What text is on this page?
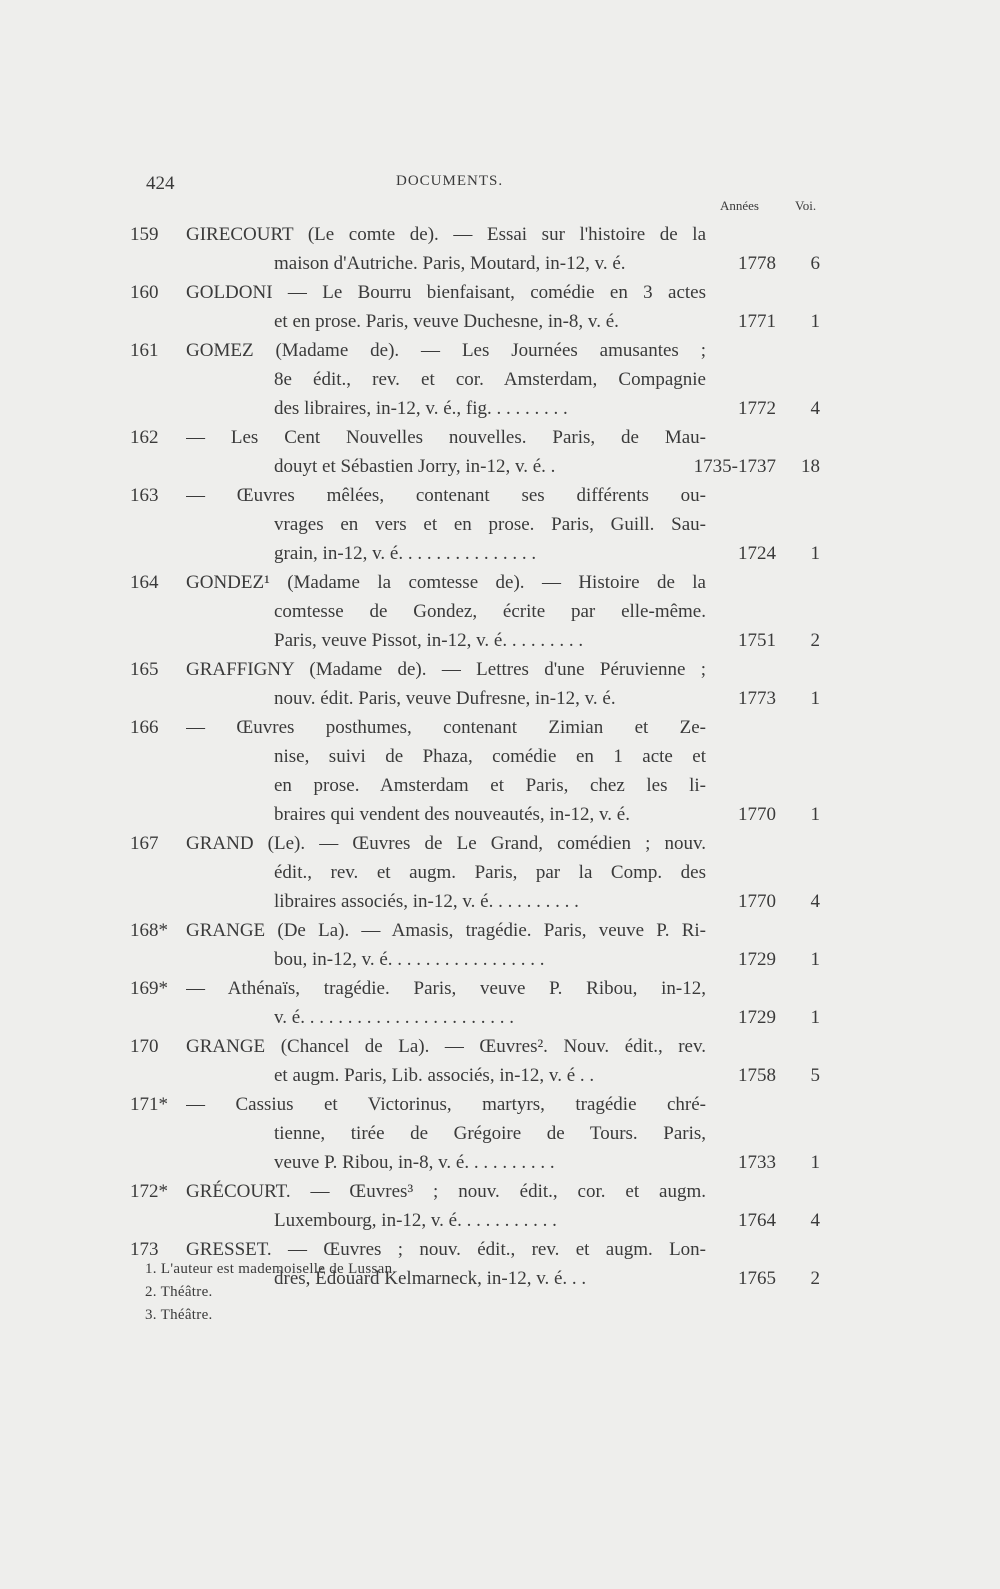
424	DOCUMENTS.
Années	Voi.
159	GIRECOURT (Le comte de). — Essai sur l'histoire de la
maison d'Autriche. Paris, Moutard, in-12, v. é.	1778	6
160	GOLDONI — Le Bourru bienfaisant, comédie en 3 actes
et en prose. Paris, veuve Duchesne, in-8, v. é.	1771	1
161	GOMEZ (Madame de). — Les Journées amusantes ;
8e édit., rev. et cor. Amsterdam, Compagnie
des libraires, in-12, v. é., fig. . . . . . . . .	1772	4
162	— Les Cent Nouvelles nouvelles. Paris, de Mau-
douyt et Sébastien Jorry, in-12, v. é. .	1735-1737	18
163	— Œuvres mêlées, contenant ses différents ou-
vrages en vers et en prose. Paris, Guill. Sau-
grain, in-12, v. é. . . . . . . . . . . . . . .	1724	1
164	GONDEZ¹ (Madame la comtesse de). — Histoire de la
comtesse de Gondez, écrite par elle-même.
Paris, veuve Pissot, in-12, v. é. . . . . . . . .	1751	2
165	GRAFFIGNY (Madame de). — Lettres d'une Péruvienne ;
nouv. édit. Paris, veuve Dufresne, in-12, v. é.	1773	1
166	— Œuvres posthumes, contenant Zimian et Ze-
nise, suivi de Phaza, comédie en 1 acte et
en prose. Amsterdam et Paris, chez les li-
braires qui vendent des nouveautés, in-12, v. é.	1770	1
167	GRAND (Le). — Œuvres de Le Grand, comédien ; nouv.
édit., rev. et augm. Paris, par la Comp. des
libraires associés, in-12, v. é. . . . . . . . . .	1770	4
168* GRANGE (De La). — Amasis, tragédie. Paris, veuve P. Ri-
bou, in-12, v. é. . . . . . . . . . . . . . . . .	1729	1
169* — Athénaïs, tragédie. Paris, veuve P. Ribou, in-12,
v. é. . . . . . . . . . . . . . . . . . . . . . .	1729	1
170	GRANGE (Chancel de La). — Œuvres². Nouv. édit., rev.
et augm. Paris, Lib. associés, in-12, v. é . .	1758	5
171* — Cassius et Victorinus, martyrs, tragédie chré-
tienne, tirée de Grégoire de Tours. Paris,
veuve P. Ribou, in-8, v. é. . . . . . . . . .	1733	1
172* GRÉCOURT. — Œuvres³ ; nouv. édit., cor. et augm.
Luxembourg, in-12, v. é. . . . . . . . . . .	1764	4
173	GRESSET. — Œuvres ; nouv. édit., rev. et augm. Lon-
dres, Édouard Kelmarneck, in-12, v. é. . .	1765	2
1. L'auteur est mademoiselle de Lussan.
2. Théâtre.
3. Théâtre.
